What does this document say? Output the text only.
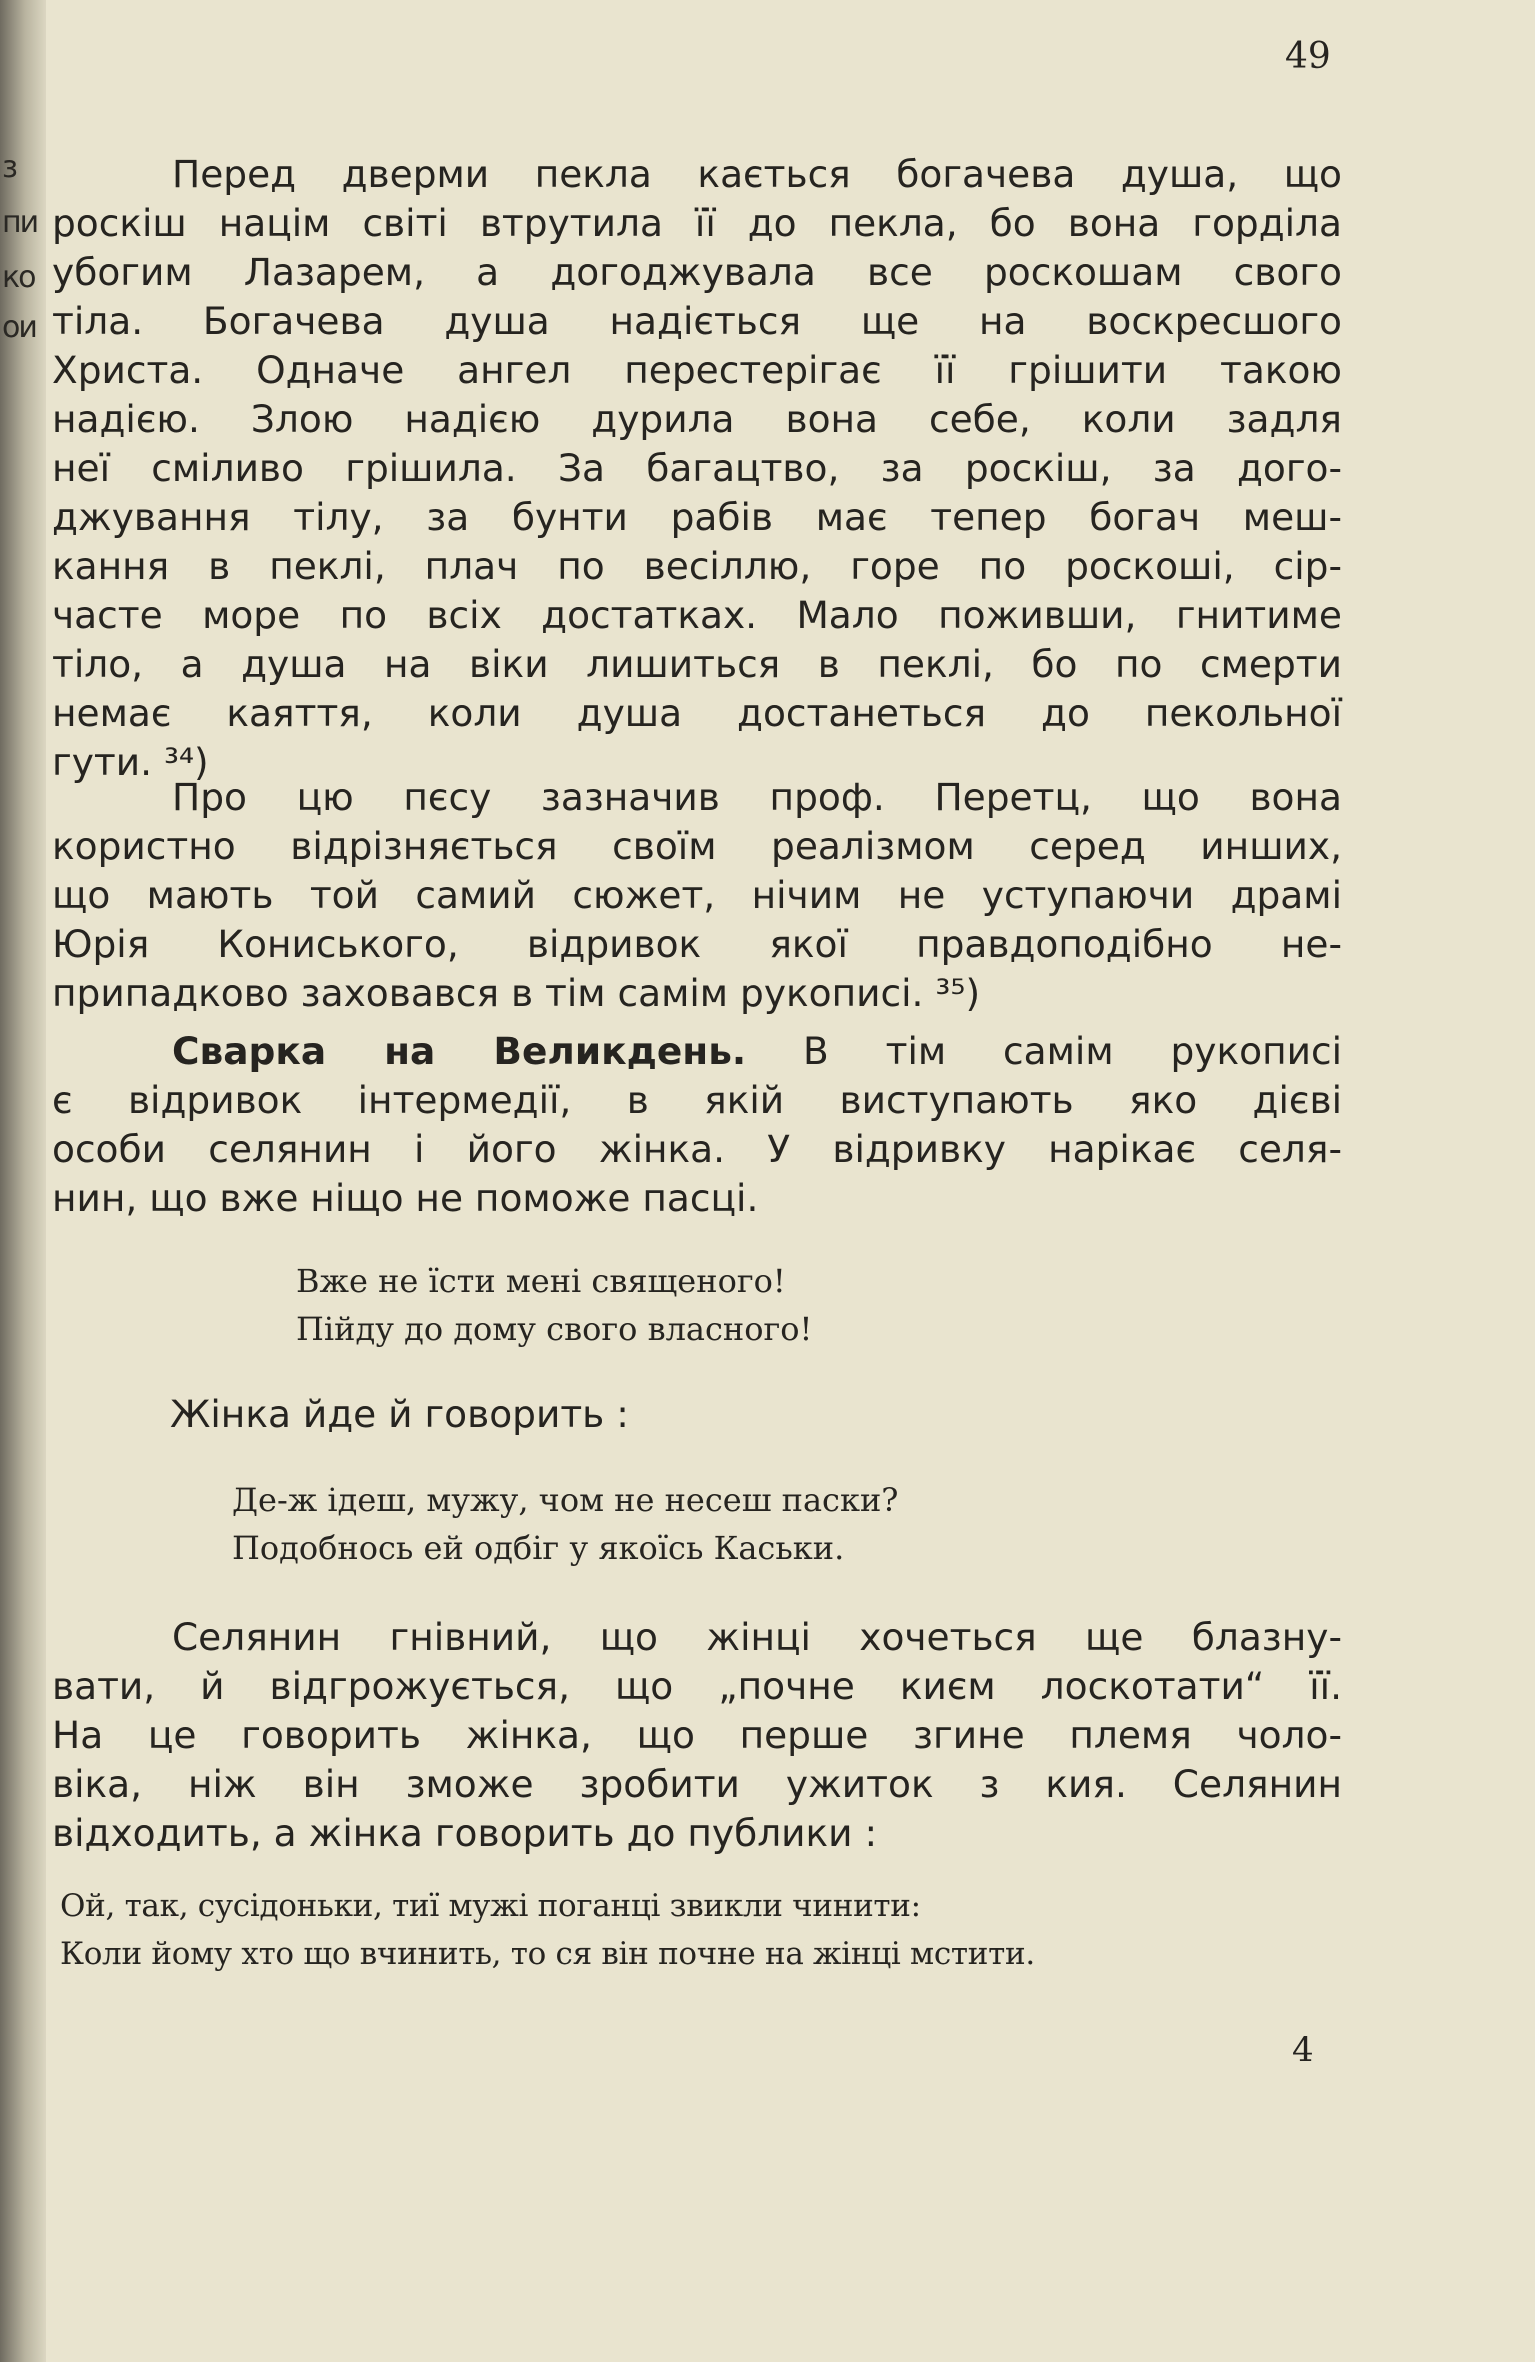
з
пи
ко
ои
49
Перед дверми пекла кається богачева душа, що
роскіш націм світі втрутила її до пекла, бо вона горділа
убогим Лазарем, а догоджувала все роскошам свого
тіла. Богачева душа надіється ще на воскресшого
Христа. Одначе ангел перестерігає її грішити такою
надією. Злою надією дурила вона себе, коли задля
неї сміливо грішила. За багацтво, за роскіш, за дого-
джування тілу, за бунти рабів має тепер богач меш-
кання в пеклі, плач по весіллю, горе по роскоші, сір-
часте море по всіх достатках. Мало поживши, гнитиме
тіло, а душа на віки лишиться в пеклі, бо по смерти
немає каяття, коли душа достанеться до пекольної
гути. ³⁴)
Про цю пєсу зазначив проф. Перетц, що вона
користно відрізняється своїм реалізмом серед инших,
що мають той самий сюжет, нічим не уступаючи драмі
Юрія Кониського, відривок якої правдоподібно не-
припадково заховався в тім самім рукописі. ³⁵)
Сварка на Великдень. В тім самім рукописі
є відривок інтермедії, в якій виступають яко дієві
особи селянин і його жінка. У відривку нарікає селя-
нин, що вже ніщо не поможе пасці.
Вже не їсти мені священого!
Пійду до дому свого власного!
Жінка йде й говорить :
Де-ж ідеш, мужу, чом не несеш паски?
Подобнось ей одбіг у якоїсь Каськи.
Селянин гнівний, що жінці хочеться ще блазну-
вати, й відгрожується, що „почне києм лоскотати“ її.
На це говорить жінка, що перше згине племя чоло-
віка, ніж він зможе зробити ужиток з кия. Селянин
відходить, а жінка говорить до публики :
Ой, так, сусідоньки, тиї мужі поганці звикли чинити:
Коли йому хто що вчинить, то ся він почне на жінці мстити.
4
